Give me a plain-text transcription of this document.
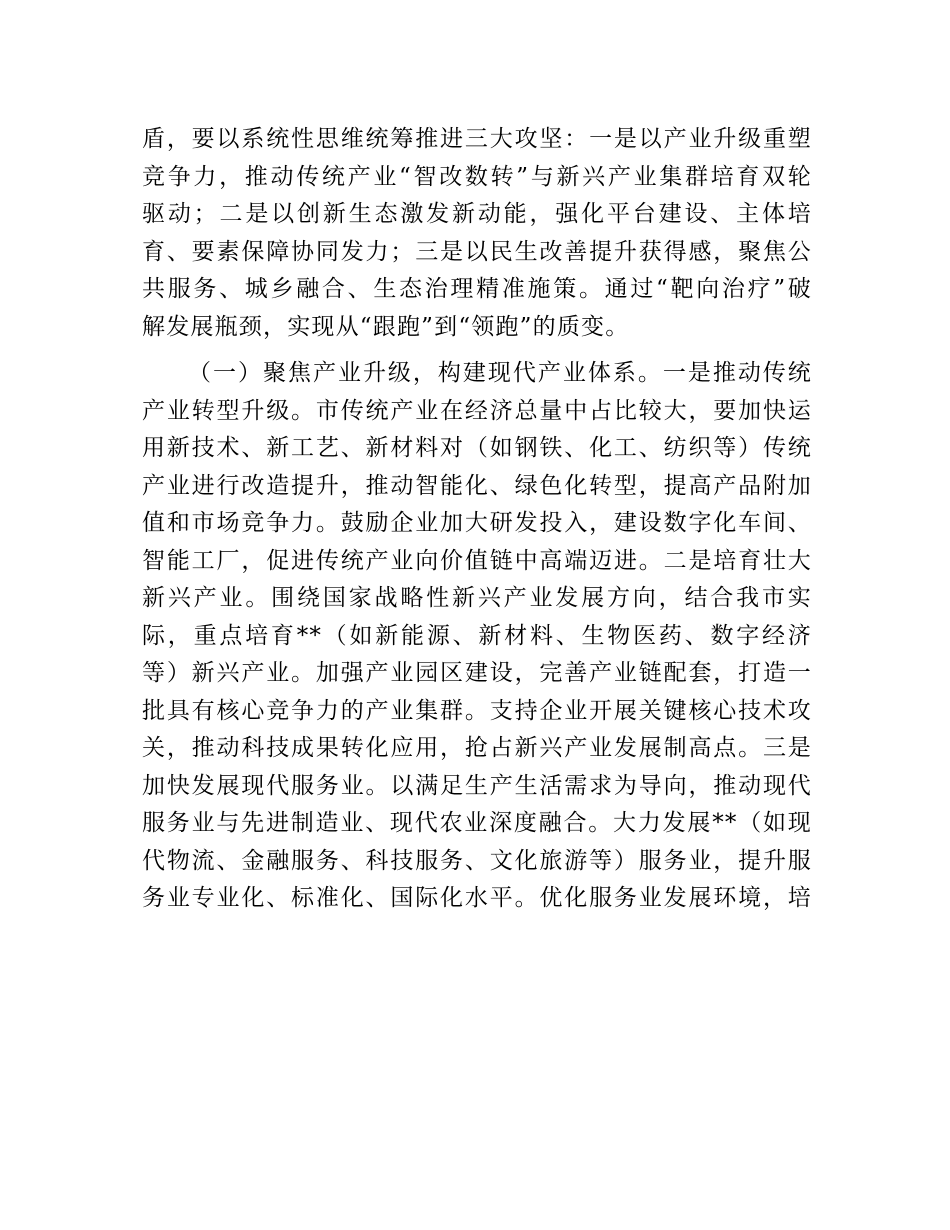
盾，要以系统性思维统筹推进三大攻坚：一是以产业升级重塑
竞争力，推动传统产业“智改数转”与新兴产业集群培育双轮
驱动；二是以创新生态激发新动能，强化平台建设、主体培
育、要素保障协同发力；三是以民生改善提升获得感，聚焦公
共服务、城乡融合、生态治理精准施策。通过“靶向治疗”破
解发展瓶颈，实现从“跟跑”到“领跑”的质变。
（一）聚焦产业升级，构建现代产业体系。一是推动传统
产业转型升级。市传统产业在经济总量中占比较大，要加快运
用新技术、新工艺、新材料对（如钢铁、化工、纺织等）传统
产业进行改造提升，推动智能化、绿色化转型，提高产品附加
值和市场竞争力。鼓励企业加大研发投入，建设数字化车间、
智能工厂，促进传统产业向价值链中高端迈进。二是培育壮大
新兴产业。围绕国家战略性新兴产业发展方向，结合我市实
际，重点培育**（如新能源、新材料、生物医药、数字经济
等）新兴产业。加强产业园区建设，完善产业链配套，打造一
批具有核心竞争力的产业集群。支持企业开展关键核心技术攻
关，推动科技成果转化应用，抢占新兴产业发展制高点。三是
加快发展现代服务业。以满足生产生活需求为导向，推动现代
服务业与先进制造业、现代农业深度融合。大力发展**（如现
代物流、金融服务、科技服务、文化旅游等）服务业，提升服
务业专业化、标准化、国际化水平。优化服务业发展环境，培
